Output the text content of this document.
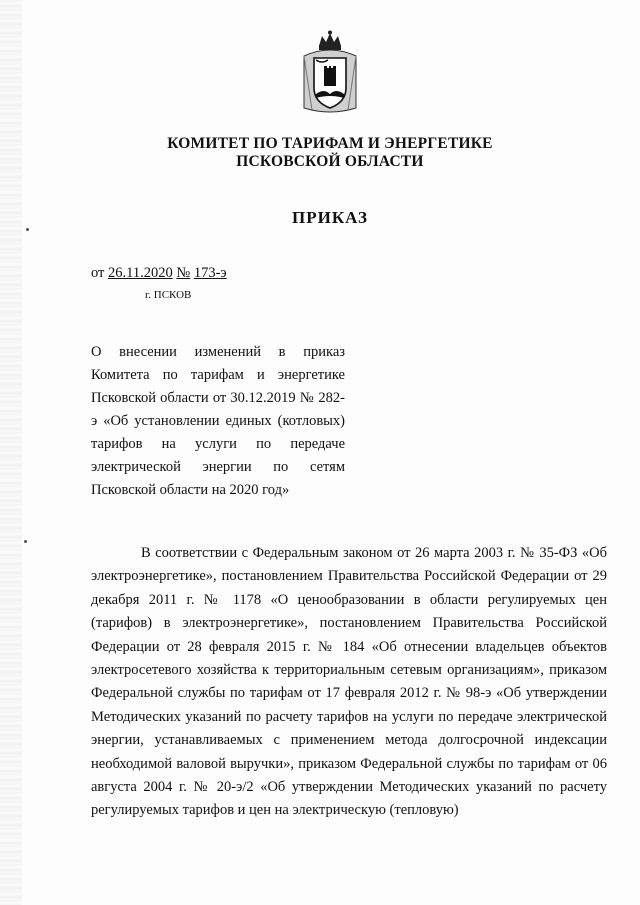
КОМИТЕТ ПО ТАРИФАМ И ЭНЕРГЕТИКЕ
ПСКОВСКОЙ ОБЛАСТИ
ПРИКАЗ
от 26.11.2020 № 173-э
г. ПСКОВ
О внесении изменений в приказ Комитета по тарифам и энергетике Псковской области от 30.12.2019 № 282-э «Об установлении единых (котловых) тарифов на услуги по передаче электрической энергии по сетям Псковской области на 2020 год»

В соответствии с Федеральным законом от 26 марта 2003 г. № 35-ФЗ «Об электроэнергетике», постановлением Правительства Российской Федерации от 29 декабря 2011 г. № 1178 «О ценообразовании в области регулируемых цен (тарифов) в электроэнергетике», постановлением Правительства Российской Федерации от 28 февраля 2015 г. № 184 «Об отнесении владельцев объектов электросетевого хозяйства к территориальным сетевым организациям», приказом Федеральной службы по тарифам от 17 февраля 2012 г. № 98-э «Об утверждении Методических указаний по расчету тарифов на услуги по передаче электрической энергии, устанавливаемых с применением метода долгосрочной индексации необходимой валовой выручки», приказом Федеральной службы по тарифам от 06 августа 2004 г. № 20-э/2 «Об утверждении Методических указаний по расчету регулируемых тарифов и цен на электрическую (тепловую)
